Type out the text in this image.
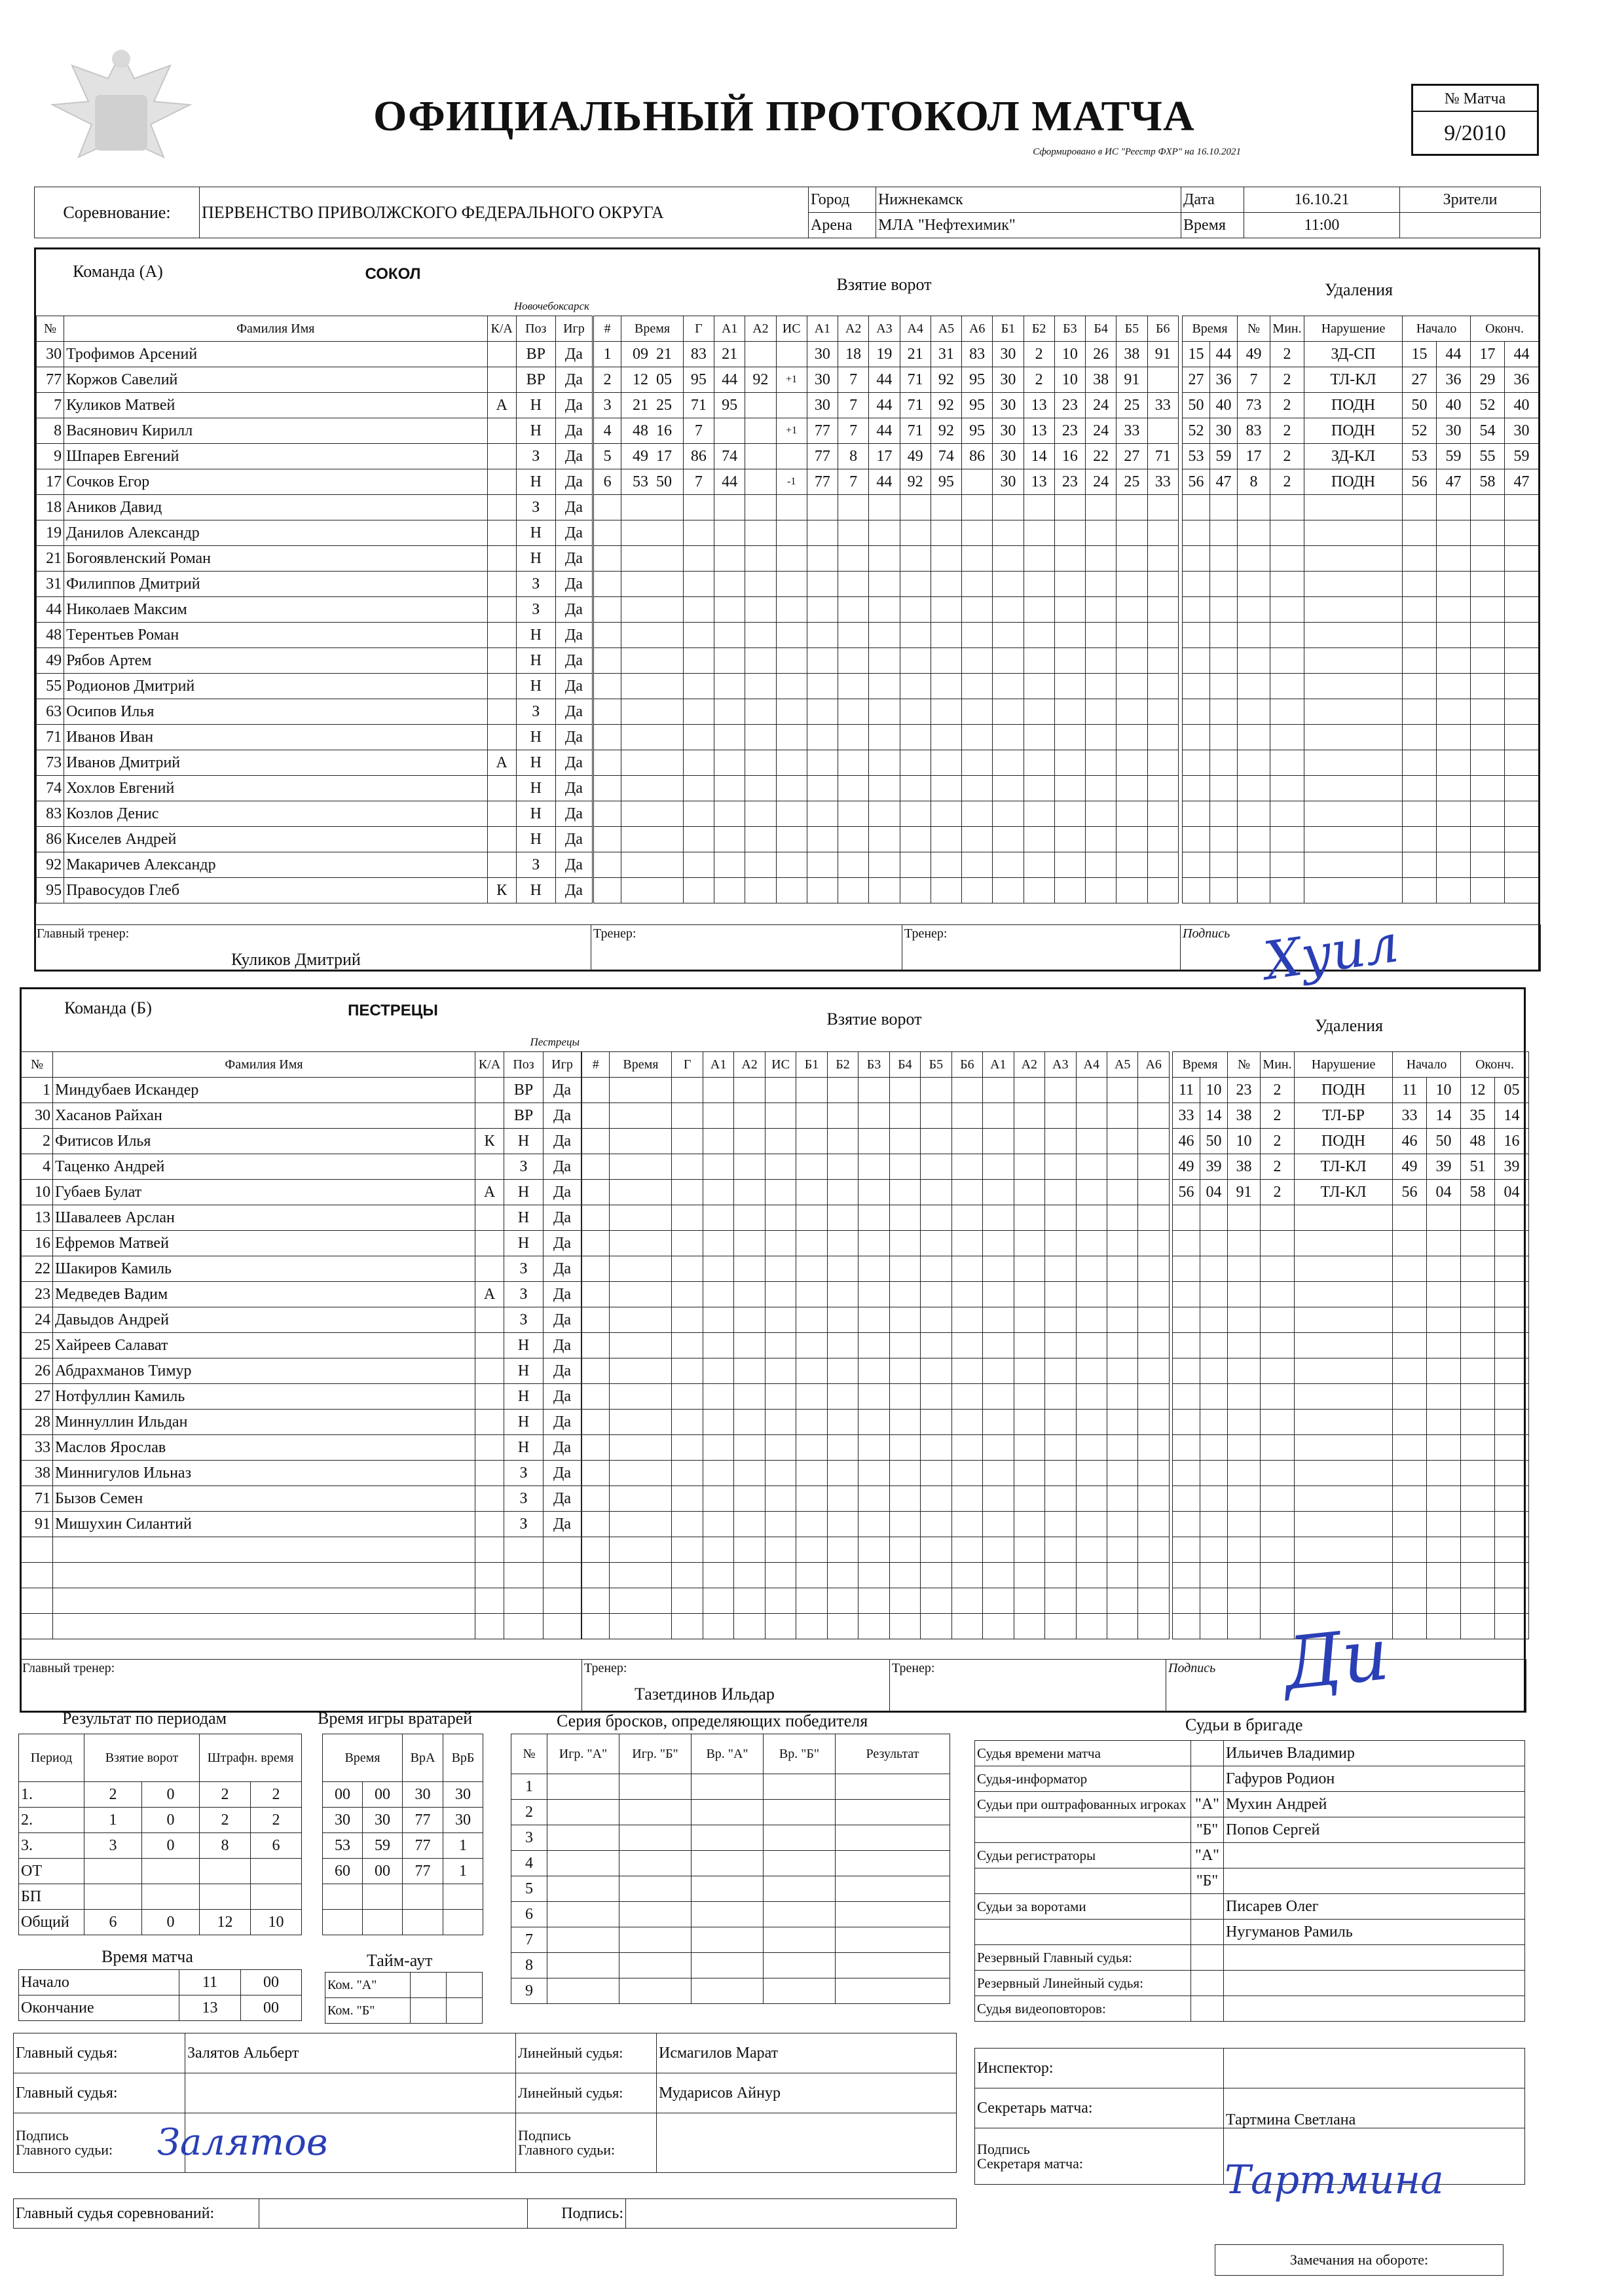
ОФИЦИАЛЬНЫЙ ПРОТОКОЛ МАТЧА
Сформировано в ИС "Реестр ФХР" на 16.10.2021
№ Матча
9/2010
Соревнование:	ПЕРВЕНСТВО ПРИВОЛЖСКОГО ФЕДЕРАЛЬНОГО ОКРУГА	Город	Нижнекамск	Дата	16.10.21	Зрители
		Арена	МЛА "Нефтехимик"	Время	11:00	
Команда (А)	СОКОЛ
Новочебоксарск
Взятие ворот	Удаления
№	Фамилия Имя	К/А	Поз	Игр
30	Трофимов Арсений		ВР	Да
77	Коржов Савелий		ВР	Да
7	Куликов Матвей	А	Н	Да
8	Васянович Кирилл		Н	Да
9	Шпарев Евгений		З	Да
17	Сочков Егор		Н	Да
18	Аников Давид		З	Да
19	Данилов Александр		Н	Да
21	Богоявленский Роман		Н	Да
31	Филиппов Дмитрий		З	Да
44	Николаев Максим		З	Да
48	Терентьев Роман		Н	Да
49	Рябов Артем		Н	Да
55	Родионов Дмитрий		Н	Да
63	Осипов Илья		З	Да
71	Иванов Иван		Н	Да
73	Иванов Дмитрий	А	Н	Да
74	Хохлов Евгений		Н	Да
83	Козлов Денис		Н	Да
86	Киселев Андрей		Н	Да
92	Макаричев Александр		З	Да
95	Правосудов Глеб	К	Н	Да
#	Время	Г	А1	А2	ИС	А1	А2	А3	А4	А5	А6	Б1	Б2	Б3	Б4	Б5	Б6
1	09 21	83	21			30	18	19	21	31	83	30	2	10	26	38	91
2	12 05	95	44	92	+1	30	7	44	71	92	95	30	2	10	38	91	
3	21 25	71	95			30	7	44	71	92	95	30	13	23	24	25	33
4	48 16	7			+1	77	7	44	71	92	95	30	13	23	24	33	
5	49 17	86	74			77	8	17	49	74	86	30	14	16	22	27	71
6	53 50	7	44		-1	77	7	44	92	95		30	13	23	24	25	33

Время		№	Мин.	Нарушение	Начало		Оконч.	
15	44	49	2	ЗД-СП	15	44	17	44
27	36	7	2	ТЛ-КЛ	27	36	29	36
50	40	73	2	ПОДН	50	40	52	40
52	30	83	2	ПОДН	52	30	54	30
53	59	17	2	ЗД-КЛ	53	59	55	59
56	47	8	2	ПОДН	56	47	58	47

Главный тренер:
Куликов Дмитрий
	Тренер:	Тренер:	Подпись Хуил
Команда (Б)	ПЕСТРЕЦЫ
Пестрецы
Взятие ворот	Удаления
№	Фамилия Имя	К/А	Поз	Игр
1	Миндубаев Искандер		ВР	Да
30	Хасанов Райхан		ВР	Да
2	Фитисов Илья	К	Н	Да
4	Таценко Андрей		З	Да
10	Губаев Булат	А	Н	Да
13	Шавалеев Арслан		Н	Да
16	Ефремов Матвей		Н	Да
22	Шакиров Камиль		З	Да
23	Медведев Вадим	А	З	Да
24	Давыдов Андрей		З	Да
25	Хайреев Салават		Н	Да
26	Абдрахманов Тимур		Н	Да
27	Нотфуллин Камиль		Н	Да
28	Миннуллин Ильдан		Н	Да
33	Маслов Ярослав		Н	Да
38	Миннигулов Ильназ		З	Да
71	Бызов Семен		З	Да
91	Мишухин Силантий		З	Да

#	Время	Г	А1	А2	ИС	Б1	Б2	Б3	Б4	Б5	Б6	А1	А2	А3	А4	А5	А6

																	Время		№	Мин.	Нарушение	Начало		Оконч.	
11	10	23	2	ПОДН	11	10	12	05
33	14	38	2	ТЛ-БР	33	14	35	14
46	50	10	2	ПОДН	46	50	48	16
49	39	38	2	ТЛ-КЛ	49	39	51	39
56	04	91	2	ТЛ-КЛ	56	04	58	04

Главный тренер:	Тренер:
Тазетдинов Ильдар
	Тренер:	Подпись Ди
Результат по периодам
Период	Взятие ворот		Штрафн. время	
1.	2	0	2	2
2.	1	0	2	2
3.	3	0	8	6
ОТ				
БП				
Общий	6	0	12	10
Время игры вратарей
Время		ВрА	ВрБ
00	00	30	30
30	30	77	30
53	59	77	1
60	00	77	1

Время матча
Начало	11	00
Окончание	13	00
Тайм-аут
Ком. "А"		
Ком. "Б"		
Серия бросков, определяющих победителя
№	Игр. "А"	Игр. "Б"	Вр. "А"	Вр. "Б"	Результат
1					
2					
3					
4					
5					
6					
7					
8					
9					
Судьи в бригаде
Судья времени матча		Ильичев Владимир
Судья-информатор		Гафуров Родион
Судьи при оштрафованных игроках	"А"	Мухин Андрей
	"Б"	Попов Сергей
Судьи регистраторы	"А"	
	"Б"	
Судьи за воротами		Писарев Олег
		Нугуманов Рамиль
Резервный Главный судья:		
Резервный Линейный судья:		
Судья видеоповторов:		
Главный судья:	Залятов Альберт	Линейный судья:	Исмагилов Марат
Главный судья:		Линейный судья:	Мударисов Айнур
Подпись
Главного судьи:		Подпись
Главного судьи:	
Залятов
Инспектор:	
Секретарь матча:	Тартмина Светлана
Подпись
Секретаря матча:		Тартмина
Главный судья соревнований:		Подпись:	
Замечания на обороте:
